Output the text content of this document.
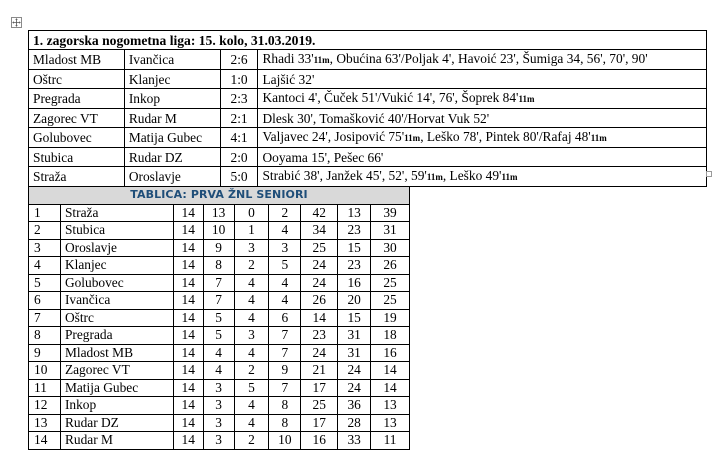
1. zagorska nogometna liga: 15. kolo, 31.03.2019.			
Mladost MB	Ivančica	2:6	Rhadi 33'11m, Obućina 63'/Poljak 4', Havoić 23', Šumiga 34, 56', 70', 90'
Oštrc	Klanjec	1:0	Lajšić 32'
Pregrada	Inkop	2:3	Kantoci 4', Čuček 51'/Vukić 14', 76', Šoprek 84'11m
Zagorec VT	Rudar M	2:1	Dlesk 30', Tomašković 40'/Horvat Vuk 52'
Golubovec	Matija Gubec	4:1	Valjavec 24', Josipović 75'11m, Leško 78', Pintek 80'/Rafaj 48'11m
Stubica	Rudar DZ	2:0	Ooyama 15', Pešec 66'
Straža	Oroslavje	5:0	Strabić 38', Janžek 45', 52', 59'11m, Leško 49'11m
TABLICA: PRVA ŽNL SENIORI								
1	Straža	14	13	0	2	42	13	39
2	Stubica	14	10	1	4	34	23	31
3	Oroslavje	14	9	3	3	25	15	30
4	Klanjec	14	8	2	5	24	23	26
5	Golubovec	14	7	4	4	24	16	25
6	Ivančica	14	7	4	4	26	20	25
7	Oštrc	14	5	4	6	14	15	19
8	Pregrada	14	5	3	7	23	31	18
9	Mladost MB	14	4	4	7	24	31	16
10	Zagorec VT	14	4	2	9	21	24	14
11	Matija Gubec	14	3	5	7	17	24	14
12	Inkop	14	3	4	8	25	36	13
13	Rudar DZ	14	3	4	8	17	28	13
14	Rudar M	14	3	2	10	16	33	11
